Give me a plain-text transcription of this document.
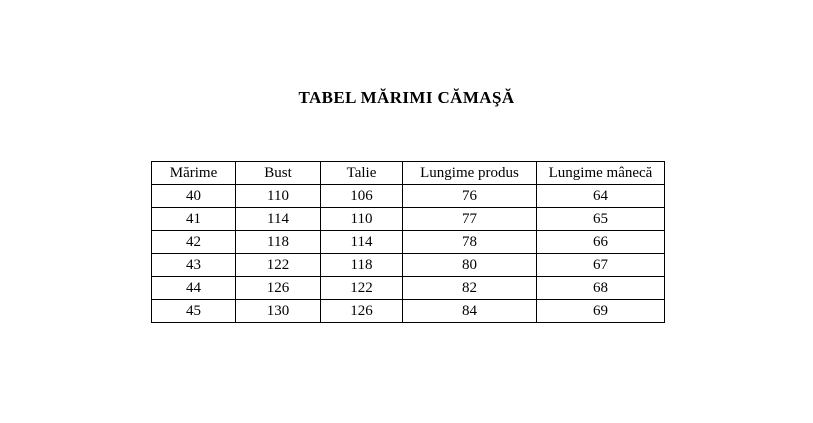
TABEL MĂRIMI CĂMAŞĂ
Mărime	Bust	Talie	Lungime produs	Lungime mânecă
40	110	106	76	64
41	114	110	77	65
42	118	114	78	66
43	122	118	80	67
44	126	122	82	68
45	130	126	84	69
